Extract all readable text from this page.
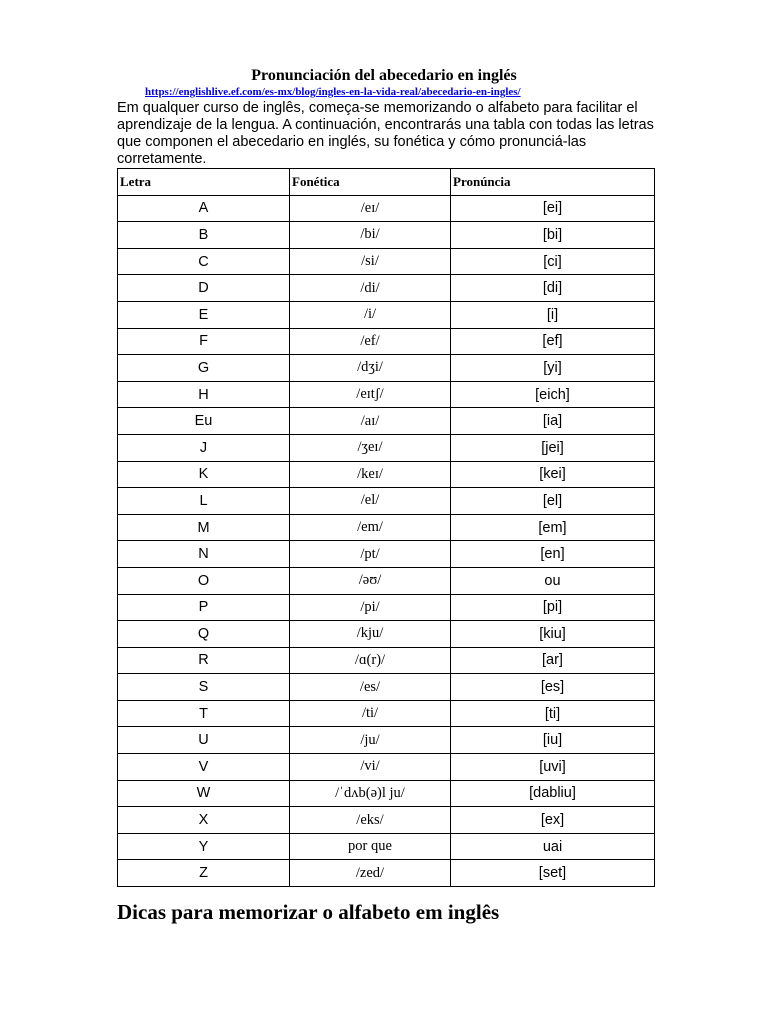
Pronunciación del abecedario en inglés
https://englishlive.ef.com/es-mx/blog/ingles-en-la-vida-real/abecedario-en-ingles/
Em qualquer curso de inglês, começa-se memorizando o alfabeto para facilitar el aprendizaje de la lengua. A continuación, encontrarás una tabla con todas las letras que componen el abecedario en inglés, su fonética y cómo pronunciá-las corretamente.
Letra	Fonética	Pronúncia
A	/eɪ/	[ei]
B	/bi/	[bi]
C	/si/	[ci]
D	/di/	[di]
E	/i/	[i]
F	/ef/	[ef]
G	/dʒi/	[yi]
H	/eɪtʃ/	[eich]
Eu	/aɪ/	[ia]
J	/ʒeɪ/	[jei]
K	/keɪ/	[kei]
L	/el/	[el]
M	/em/	[em]
N	/pt/	[en]
O	/əʊ/	ou
P	/pi/	[pi]
Q	/kju/	[kiu]
R	/ɑ(r)/	[ar]
S	/es/	[es]
T	/ti/	[ti]
U	/ju/	[iu]
V	/vi/	[uvi]
W	/ˈdʌb(ə)l ju/	[dabliu]
X	/eks/	[ex]
Y	por que	uai
Z	/zed/	[set]
Dicas para memorizar o alfabeto em inglês
